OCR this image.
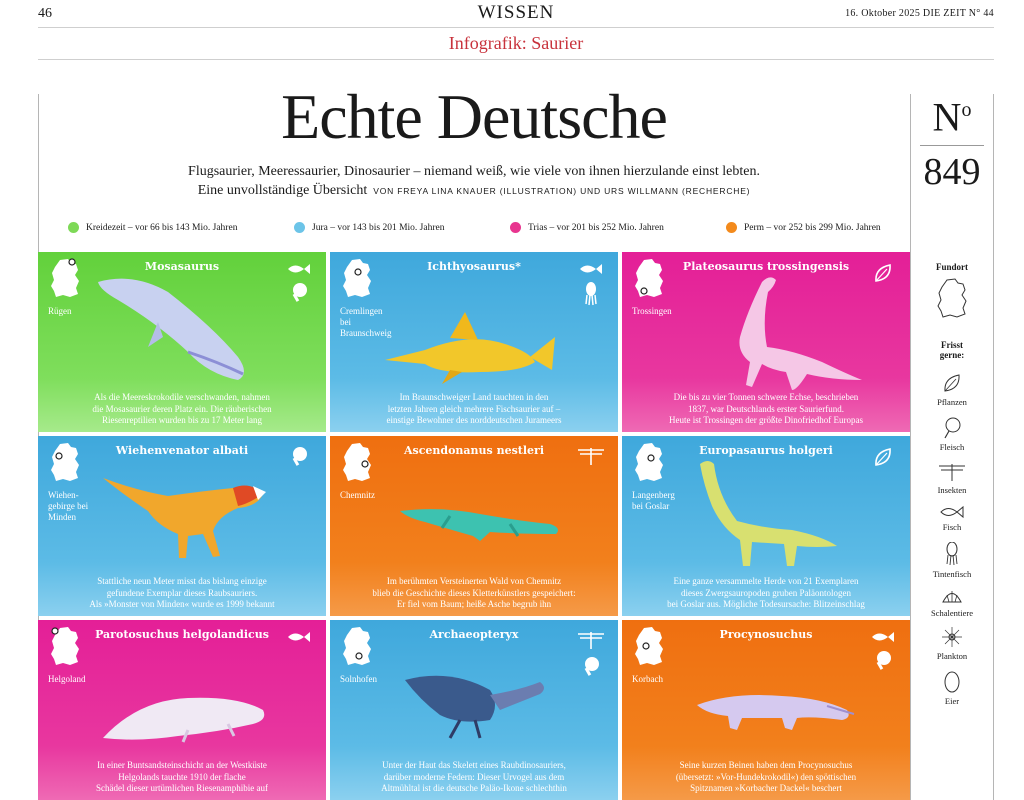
46	WISSEN	16. Oktober 2025 DIE ZEIT N° 44
Infografik: Saurier
Echte Deutsche
Flugsaurier, Meeressaurier, Dinosaurier – niemand weiß, wie viele von ihnen hierzulande einst lebten.
Eine unvollständige Übersicht VON FREYA LINA KNAUER (ILLUSTRATION) UND URS WILLMANN (RECHERCHE)
Kreidezeit – vor 66 bis 143 Mio. Jahren	Jura – vor 143 bis 201 Mio. Jahren	Trias – vor 201 bis 252 Mio. Jahren	Perm – vor 252 bis 299 Mio. Jahren
$N^o$
849
Rügen
Mosasaurus
Als die Meereskrokodile verschwanden, nahmen
die Mosasaurier deren Platz ein. Die räuberischen
Riesenreptilien wurden bis zu 17 Meter lang
Cremlingen
bei
Braunschweig
Ichthyosaurus*
Im Braunschweiger Land tauchten in den
letzten Jahren gleich mehrere Fischsaurier auf –
einstige Bewohner des norddeutschen Jurameers
Trossingen
Plateosaurus trossingensis
Die bis zu vier Tonnen schwere Echse, beschrieben
1837, war Deutschlands erster Saurierfund.
Heute ist Trossingen der größte Dinofriedhof Europas
Wiehen-
gebirge bei
Minden
Wiehenvenator albati
Stattliche neun Meter misst das bislang einzige
gefundene Exemplar dieses Raubsauriers.
Als »Monster von Minden« wurde es 1999 bekannt
Chemnitz
Ascendonanus nestleri
Im berühmten Versteinerten Wald von Chemnitz
blieb die Geschichte dieses Kletterkünstlers gespeichert:
Er fiel vom Baum; heiße Asche begrub ihn
Langenberg
bei Goslar
Europasaurus holgeri
Eine ganze versammelte Herde von 21 Exemplaren
dieses Zwergsauropoden gruben Paläontologen
bei Goslar aus. Mögliche Todesursache: Blitzeinschlag
Helgoland
Parotosuchus helgolandicus
In einer Buntsandsteinschicht an der Westküste
Helgolands tauchte 1910 der flache
Schädel dieser urtümlichen Riesenamphibie auf
Solnhofen
Archaeopteryx
Unter der Haut das Skelett eines Raubdinosauriers,
darüber moderne Federn: Dieser Urvogel aus dem
Altmühltal ist die deutsche Paläo-Ikone schlechthin
Korbach
Procynosuchus
Seine kurzen Beinen haben dem Procynosuchus
(übersetzt: »Vor-Hundekrokodil«) den spöttischen
Spitznamen »Korbacher Dackel« beschert
Fundort
Frisst
gerne:
Pflanzen
Fleisch
Insekten
Fisch
Tintenfisch
Schalentiere
Plankton
Eier
